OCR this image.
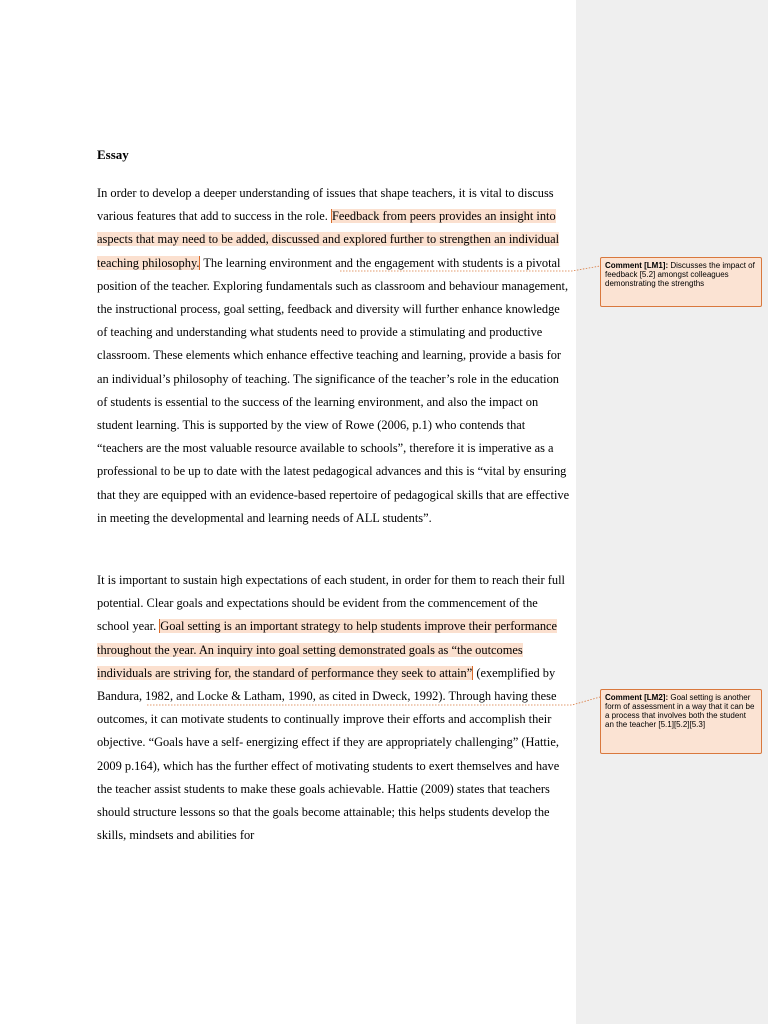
Essay

In order to develop a deeper understanding of issues that shape teachers, it is vital to discuss various features that add to success in the role. Feedback from peers provides an insight into aspects that may need to be added, discussed and explored further to strengthen an individual teaching philosophy. The learning environment and the engagement with students is a pivotal position of the teacher. Exploring fundamentals such as classroom and behaviour management, the instructional process, goal setting, feedback and diversity will further enhance knowledge of teaching and understanding what students need to provide a stimulating and productive classroom. These elements which enhance effective teaching and learning, provide a basis for an individual’s philosophy of teaching. The significance of the teacher’s role in the education of students is essential to the success of the learning environment, and also the impact on student learning. This is supported by the view of Rowe (2006, p.1) who contends that “teachers are the most valuable resource available to schools”, therefore it is imperative as a professional to be up to date with the latest pedagogical advances and this is “vital by ensuring that they are equipped with an evidence-based repertoire of pedagogical skills that are effective in meeting the developmental and learning needs of ALL students”.

It is important to sustain high expectations of each student, in order for them to reach their full potential. Clear goals and expectations should be evident from the commencement of the school year. Goal setting is an important strategy to help students improve their performance throughout the year. An inquiry into goal setting demonstrated goals as “the outcomes individuals are striving for, the standard of performance they seek to attain” (exemplified by Bandura, 1982, and Locke & Latham, 1990, as cited in Dweck, 1992). Through having these outcomes, it can motivate students to continually improve their efforts and accomplish their objective. “Goals have a self- energizing effect if they are appropriately challenging” (Hattie, 2009 p.164), which has the further effect of motivating students to exert themselves and have the teacher assist students to make these goals achievable. Hattie (2009) states that teachers should structure lessons so that the goals become attainable; this helps students develop the skills, mindsets and abilities for

Comment [LM1]: Discusses the impact of feedback [5.2] amongst colleagues demonstrating the strengths
Comment [LM2]: Goal setting is another form of assessment in a way that it can be a process that involves both the student an the teacher [5.1][5.2][5.3]
